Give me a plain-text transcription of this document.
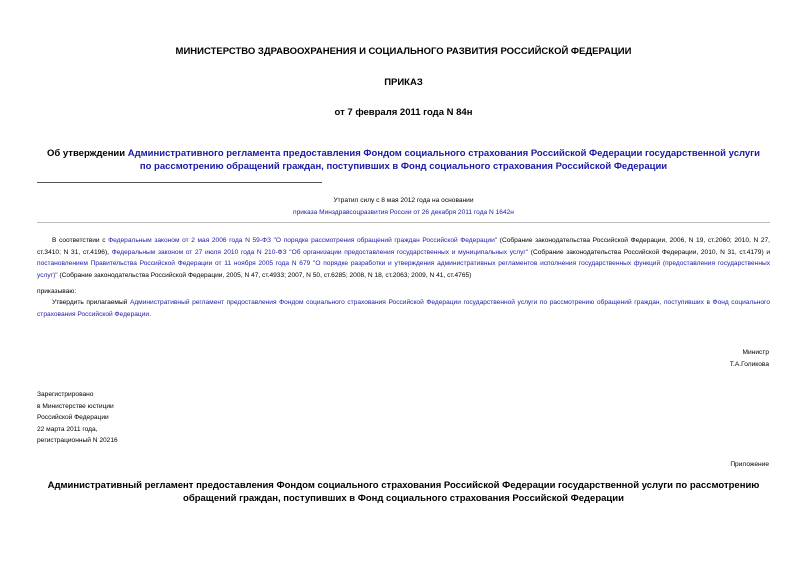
МИНИСТЕРСТВО ЗДРАВООХРАНЕНИЯ И СОЦИАЛЬНОГО РАЗВИТИЯ РОССИЙСКОЙ ФЕДЕРАЦИИ
ПРИКАЗ
от 7 февраля 2011 года N 84н
Об утверждении Административного регламента предоставления Фондом социального страхования Российской Федерации государственной услуги по рассмотрению обращений граждан, поступивших в Фонд социального страхования Российской Федерации
Утратил силу с 8 мая 2012 года на основании
приказа Минздравсоцразвития России от 26 декабря 2011 года N 1642н
В соответствии с Федеральным законом от 2 мая 2006 года N 59-ФЗ "О порядке рассмотрения обращений граждан Российской Федерации" (Собрание законодательства Российской Федерации, 2006, N 19, ст.2060; 2010, N 27, ст.3410; N 31, ст.4196), Федеральным законом от 27 июля 2010 года N 210-ФЗ "Об организации предоставления государственных и муниципальных услуг" (Собрание законодательства Российской Федерации, 2010, N 31, ст.4179) и постановлением Правительства Российской Федерации от 11 ноября 2005 года N 679 "О порядке разработки и утверждения административных регламентов исполнения государственных функций (предоставления государственных услуг)" (Собрание законодательства Российской Федерации, 2005, N 47, ст.4933; 2007, N 50, ст.6285; 2008, N 18, ст.2063; 2009, N 41, ст.4765)
приказываю:
Утвердить прилагаемый Административный регламент предоставления Фондом социального страхования Российской Федерации государственной услуги по рассмотрению обращений граждан, поступивших в Фонд социального страхования Российской Федерации.
Министр
Т.А.Голикова
Зарегистрировано
в Министерстве юстиции
Российской Федерации
22 марта 2011 года,
регистрационный N 20216
Приложение
Административный регламент предоставления Фондом социального страхования Российской Федерации государственной услуги по рассмотрению обращений граждан, поступивших в Фонд социального страхования Российской Федерации
